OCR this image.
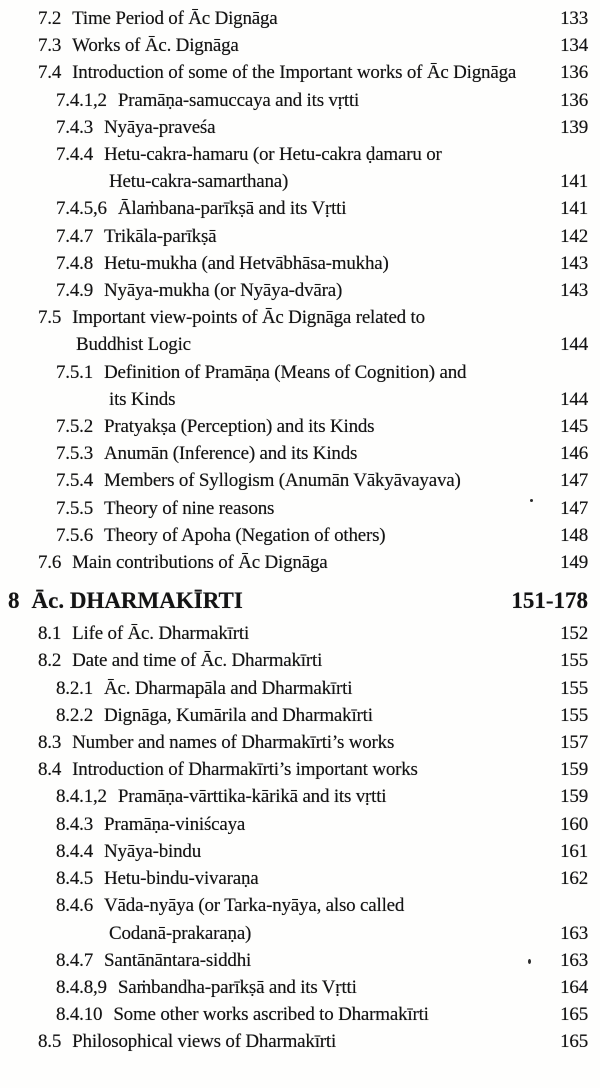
7.2 Time Period of Āc Dignāga	133
7.3 Works of Āc. Dignāga	134
7.4 Introduction of some of the Important works of Āc Dignāga	136
7.4.1,2 Pramāṇa-samuccaya and its vṛtti	136
7.4.3 Nyāya-praveśa	139
7.4.4 Hetu-cakra-hamaru (or Hetu-cakra ḍamaru or
Hetu-cakra-samarthana)	141
7.4.5,6 Ālaṁbana-parīkṣā and its Vṛtti	141
7.4.7 Trikāla-parīkṣā	142
7.4.8 Hetu-mukha (and Hetvābhāsa-mukha)	143
7.4.9 Nyāya-mukha (or Nyāya-dvāra)	143
7.5 Important view-points of Āc Dignāga related to
Buddhist Logic	144
7.5.1 Definition of Pramāṇa (Means of Cognition) and
its Kinds	144
7.5.2 Pratyakṣa (Perception) and its Kinds	145
7.5.3 Anumān (Inference) and its Kinds	146
7.5.4 Members of Syllogism (Anumān Vākyāvayava)	147
7.5.5 Theory of nine reasons	147
7.5.6 Theory of Apoha (Negation of others)	148
7.6 Main contributions of Āc Dignāga	149
8 Āc. DHARMAKĪRTI	151-178
8.1 Life of Āc. Dharmakīrti	152
8.2 Date and time of Āc. Dharmakīrti	155
8.2.1 Āc. Dharmapāla and Dharmakīrti	155
8.2.2 Dignāga, Kumārila and Dharmakīrti	155
8.3 Number and names of Dharmakīrti’s works	157
8.4 Introduction of Dharmakīrti’s important works	159
8.4.1,2 Pramāṇa-vārttika-kārikā and its vṛtti	159
8.4.3 Pramāṇa-viniścaya	160
8.4.4 Nyāya-bindu	161
8.4.5 Hetu-bindu-vivaraṇa	162
8.4.6 Vāda-nyāya (or Tarka-nyāya, also called
Codanā-prakaraṇa)	163
8.4.7 Santānāntara-siddhi	163
8.4.8,9 Saṁbandha-parīkṣā and its Vṛtti	164
8.4.10 Some other works ascribed to Dharmakīrti	165
8.5 Philosophical views of Dharmakīrti	165
